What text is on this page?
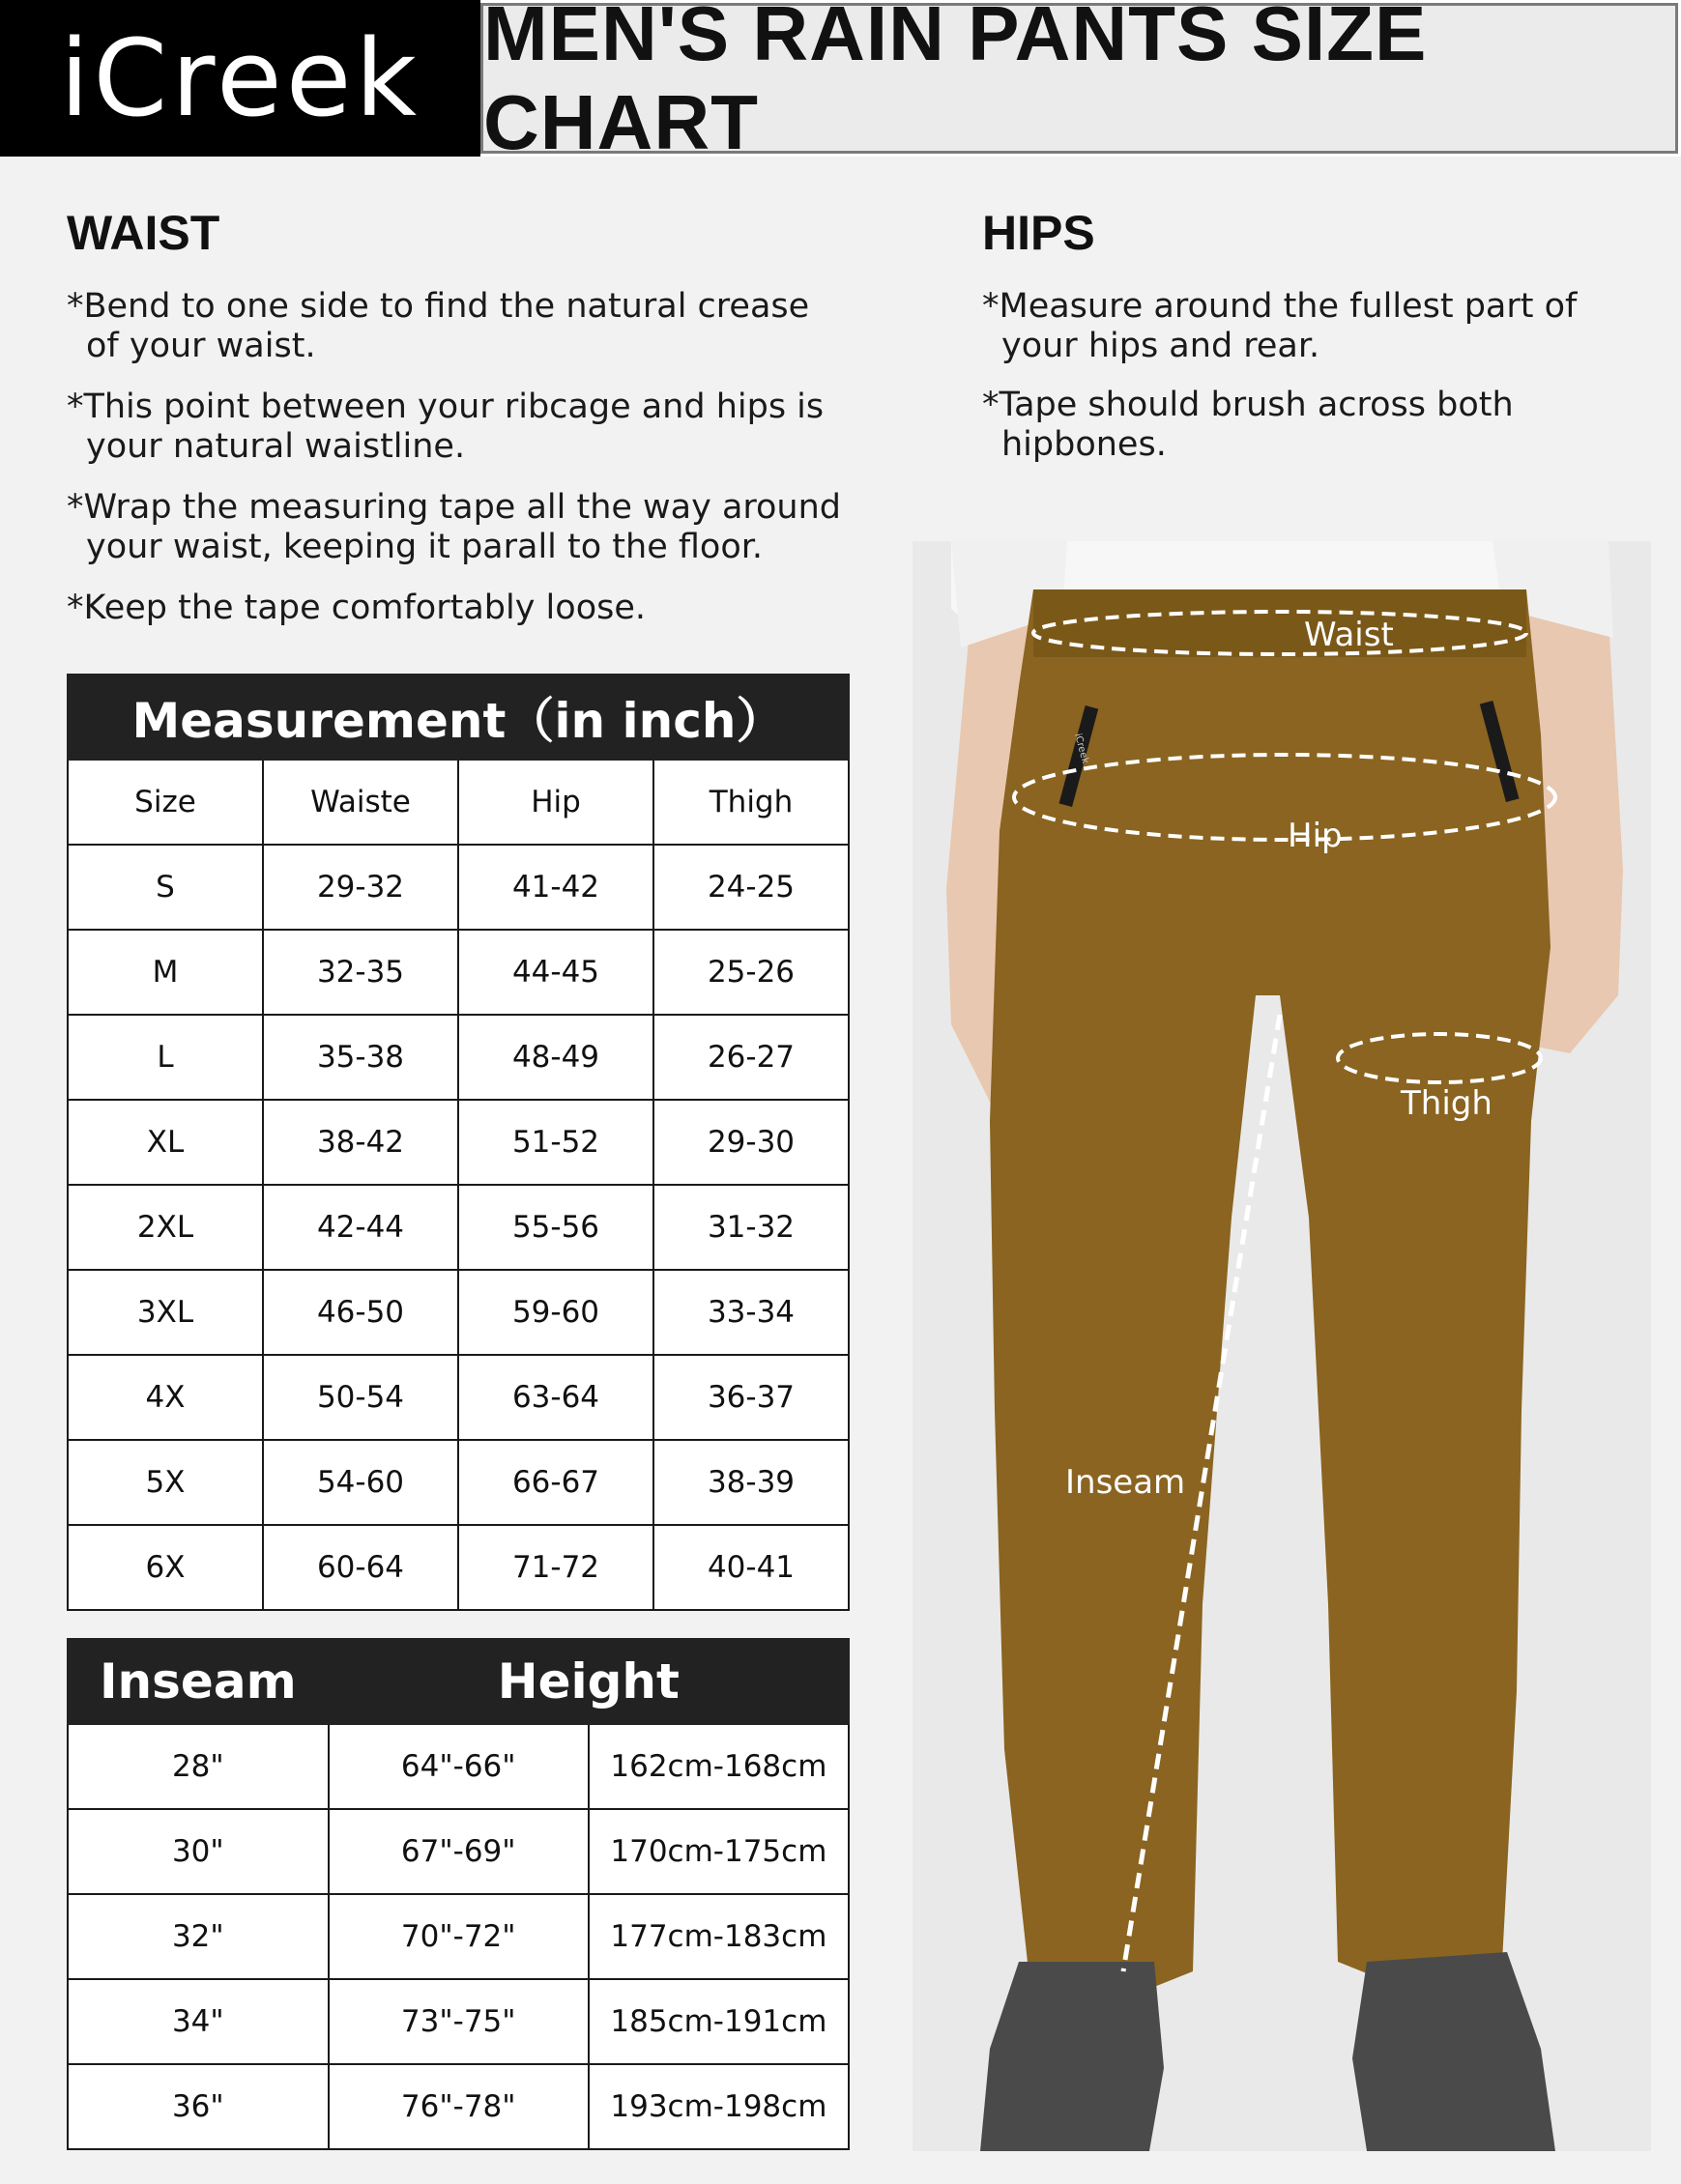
iCreek MEN'S RAIN PANTS SIZE CHART
WAIST
*Bend to one side to find the natural crease
of your waist.
*This point between your ribcage and hips is
your natural waistline.
*Wrap the measuring tape all the way around
your waist, keeping it parall to the floor.
*Keep the tape comfortably loose.
HIPS
*Measure around the fullest part of
your hips and rear.
*Tape should brush across both
hipbones.
Measurement（in inch）			
Size	Waiste	Hip	Thigh
S	29-32	41-42	24-25
M	32-35	44-45	25-26
L	35-38	48-49	26-27
XL	38-42	51-52	29-30
2XL	42-44	55-56	31-32
3XL	46-50	59-60	33-34
4X	50-54	63-64	36-37
5X	54-60	66-67	38-39
6X	60-64	71-72	40-41
Inseam	Height	
28"	64"-66"	162cm-168cm
30"	67"-69"	170cm-175cm
32"	70"-72"	177cm-183cm
34"	73"-75"	185cm-191cm
36"	76"-78"	193cm-198cm
Waist
Hip
Thigh
Inseam
iCreek
